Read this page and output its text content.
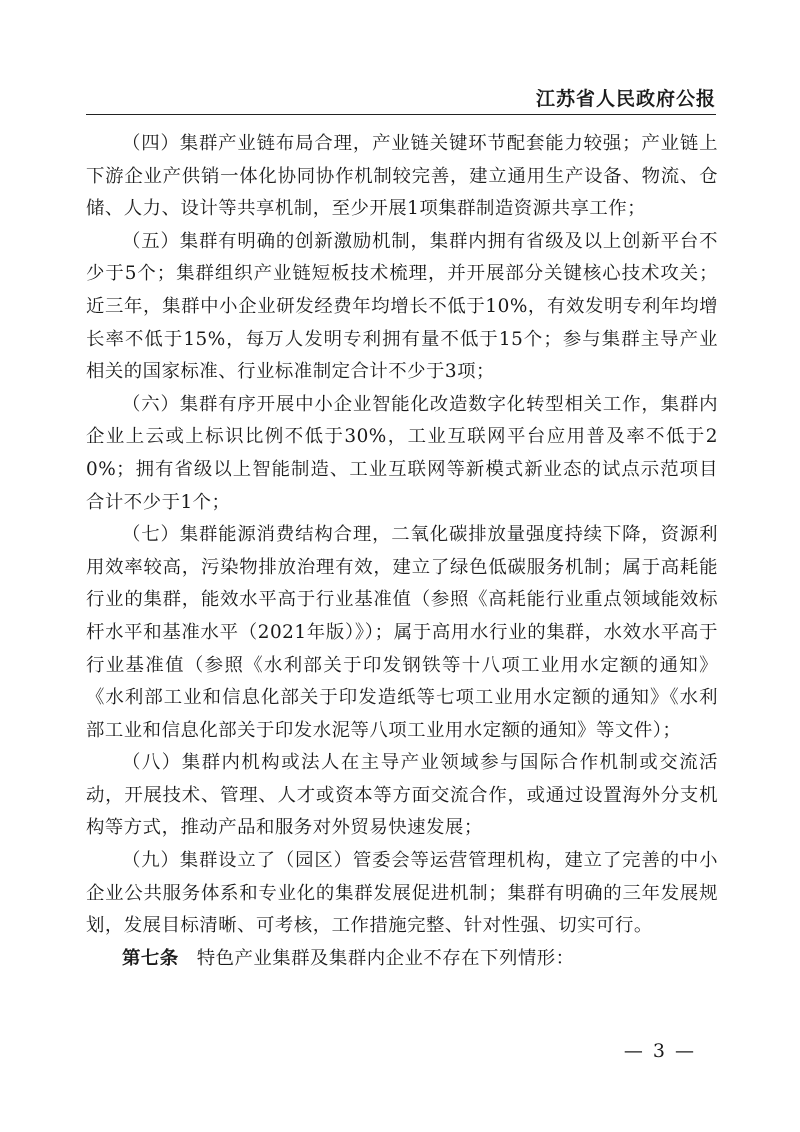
江苏省人民政府公报

（四）集群产业链布局合理，产业链关键环节配套能力较强；产业链上下游企业产供销一体化协同协作机制较完善，建立通用生产设备、物流、仓储、人力、设计等共享机制，至少开展1项集群制造资源共享工作；

（五）集群有明确的创新激励机制，集群内拥有省级及以上创新平台不少于5个；集群组织产业链短板技术梳理，并开展部分关键核心技术攻关；近三年，集群中小企业研发经费年均增长不低于10%，有效发明专利年均增长率不低于15%，每万人发明专利拥有量不低于15个；参与集群主导产业相关的国家标准、行业标准制定合计不少于3项；

（六）集群有序开展中小企业智能化改造数字化转型相关工作，集群内企业上云或上标识比例不低于30%，工业互联网平台应用普及率不低于20%；拥有省级以上智能制造、工业互联网等新模式新业态的试点示范项目合计不少于1个；

（七）集群能源消费结构合理，二氧化碳排放量强度持续下降，资源利用效率较高，污染物排放治理有效，建立了绿色低碳服务机制；属于高耗能行业的集群，能效水平高于行业基准值（参照《高耗能行业重点领域能效标杆水平和基准水平（2021年版）》）；属于高用水行业的集群，水效水平高于行业基准值（参照《水利部关于印发钢铁等十八项工业用水定额的通知》《水利部工业和信息化部关于印发造纸等七项工业用水定额的通知》《水利部工业和信息化部关于印发水泥等八项工业用水定额的通知》等文件）；

（八）集群内机构或法人在主导产业领域参与国际合作机制或交流活动，开展技术、管理、人才或资本等方面交流合作，或通过设置海外分支机构等方式，推动产品和服务对外贸易快速发展；

（九）集群设立了（园区）管委会等运营管理机构，建立了完善的中小企业公共服务体系和专业化的集群发展促进机制；集群有明确的三年发展规划，发展目标清晰、可考核，工作措施完整、针对性强、切实可行。

第七条 特色产业集群及集群内企业不存在下列情形：

— 3 —
